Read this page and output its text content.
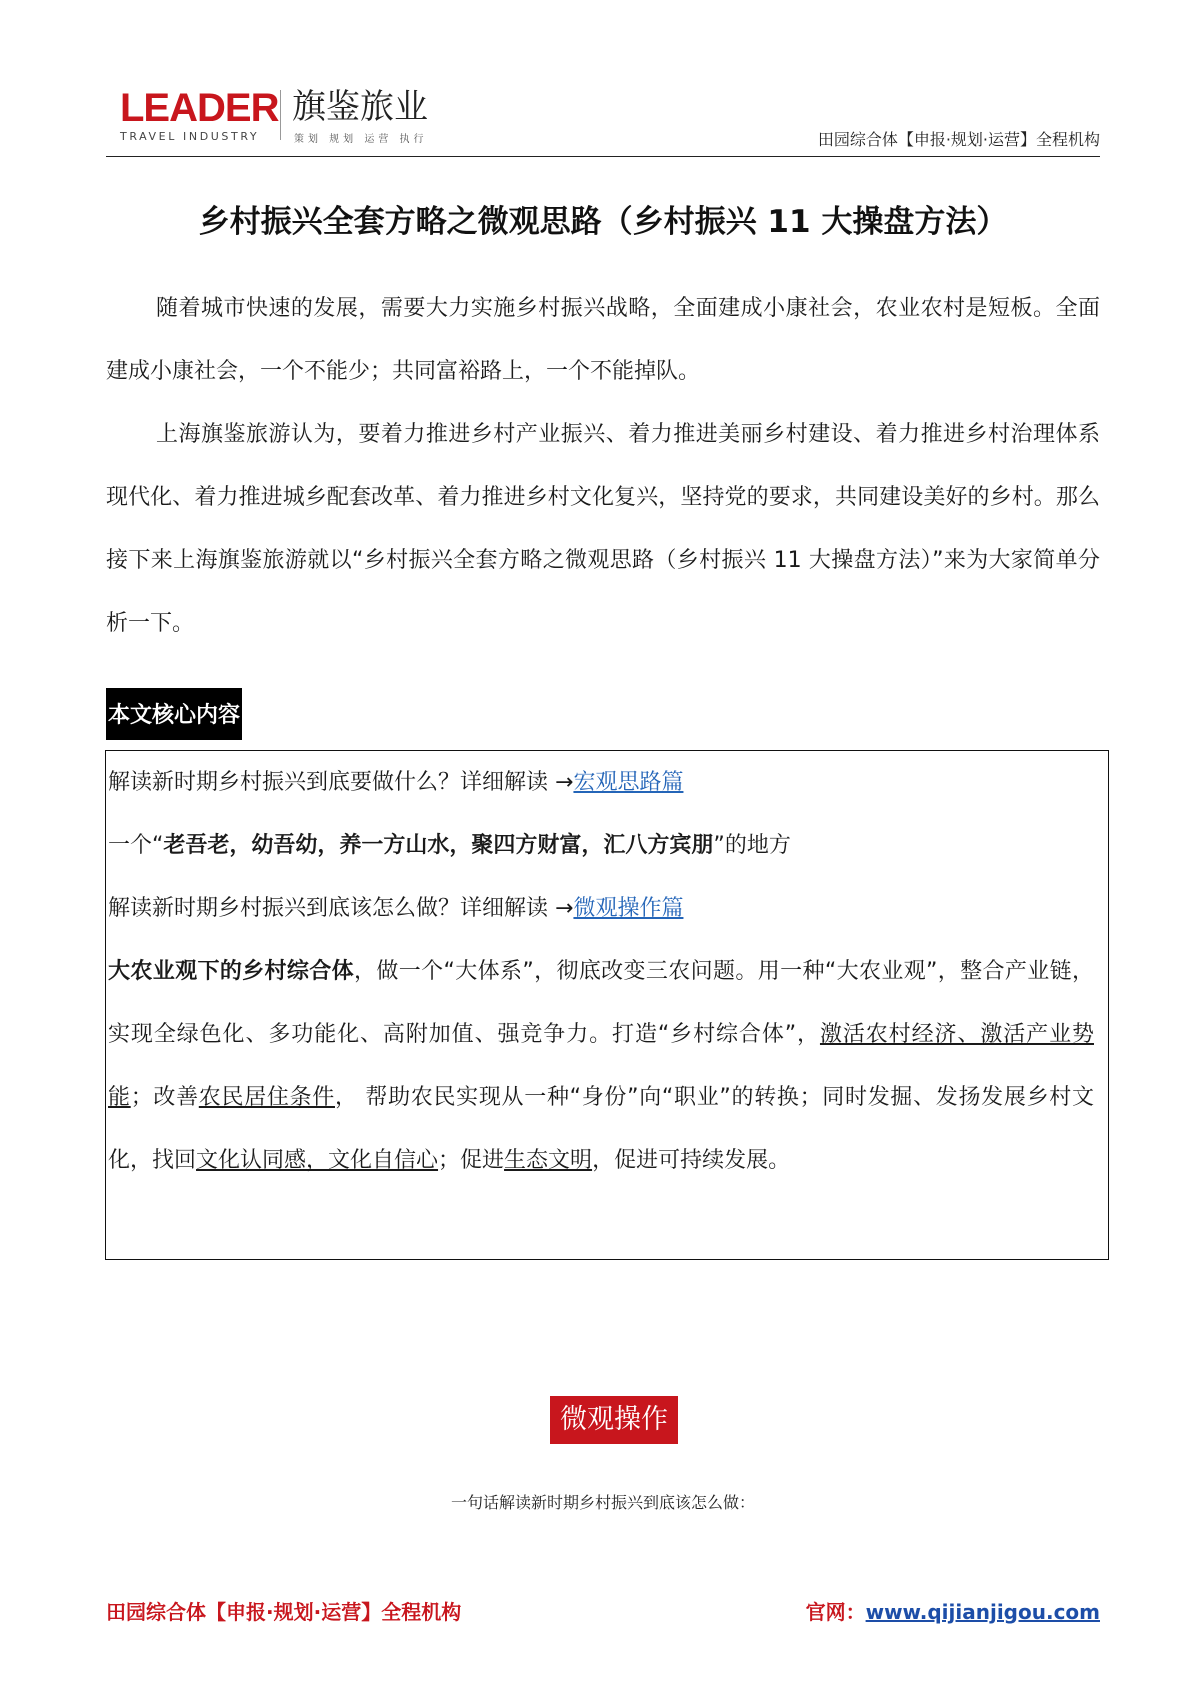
LEADER
TRAVEL INDUSTRY
旗鉴旅业
策划 规划 运营 执行	田园综合体【申报·规划·运营】全程机构
乡村振兴全套方略之微观思路（乡村振兴 11 大操盘方法）

随着城市快速的发展，需要大力实施乡村振兴战略，全面建成小康社会，农业农村是短板。全面建成小康社会，一个不能少；共同富裕路上，一个不能掉队。

上海旗鉴旅游认为，要着力推进乡村产业振兴、着力推进美丽乡村建设、着力推进乡村治理体系现代化、着力推进城乡配套改革、着力推进乡村文化复兴，坚持党的要求，共同建设美好的乡村。那么接下来上海旗鉴旅游就以“乡村振兴全套方略之微观思路（乡村振兴 11 大操盘方法）”来为大家简单分析一下。

本文核心内容

解读新时期乡村振兴到底要做什么？详细解读 →宏观思路篇

一个“老吾老，幼吾幼，养一方山水，聚四方财富，汇八方宾朋”的地方

解读新时期乡村振兴到底该怎么做？详细解读 →微观操作篇

大农业观下的乡村综合体，做一个“大体系”，彻底改变三农问题。用一种“大农业观”，整合产业链，实现全绿色化、多功能化、高附加值、强竞争力。打造“乡村综合体”，激活农村经济、激活产业势能；改善农民居住条件， 帮助农民实现从一种“身份”向“职业”的转换；同时发掘、发扬发展乡村文化，找回文化认同感，文化自信心；促进生态文明，促进可持续发展。

微观操作

一句话解读新时期乡村振兴到底该怎么做：

田园综合体【申报·规划·运营】全程机构	官网：www.qijianjigou.com
